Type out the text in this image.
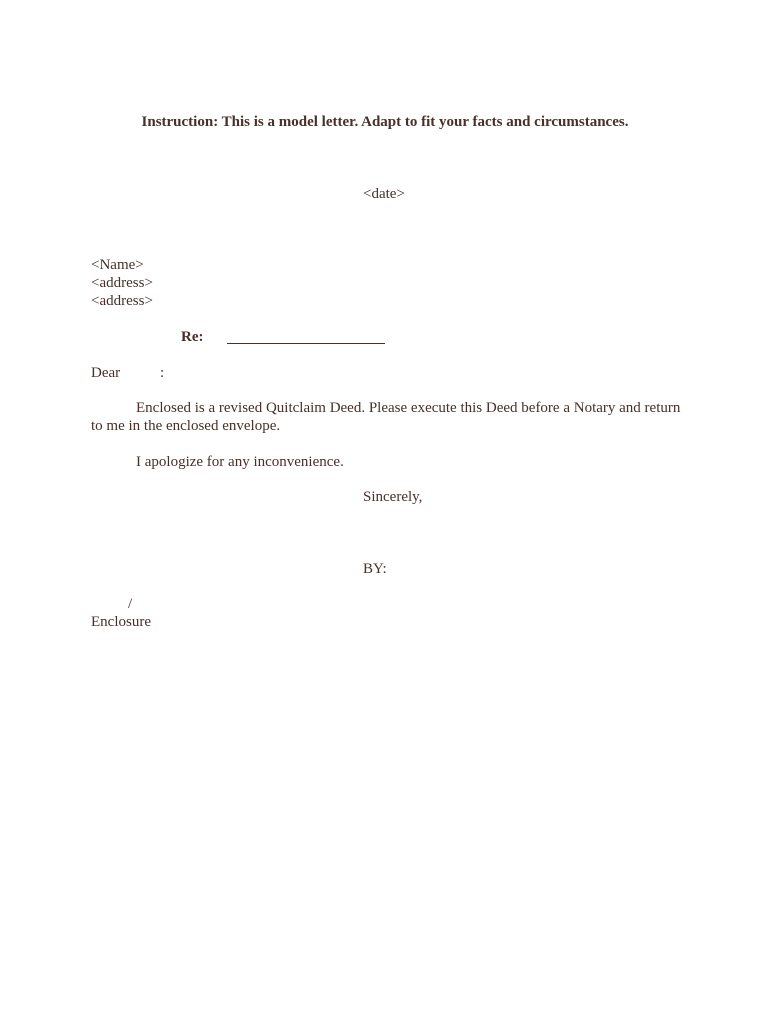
Instruction: This is a model letter. Adapt to fit your facts and circumstances.
<date>
<Name>
<address>
<address>
Re:
Dear	:
Enclosed is a revised Quitclaim Deed. Please execute this Deed before a Notary and return
to me in the enclosed envelope.
I apologize for any inconvenience.
Sincerely,
BY:
/
Enclosure
